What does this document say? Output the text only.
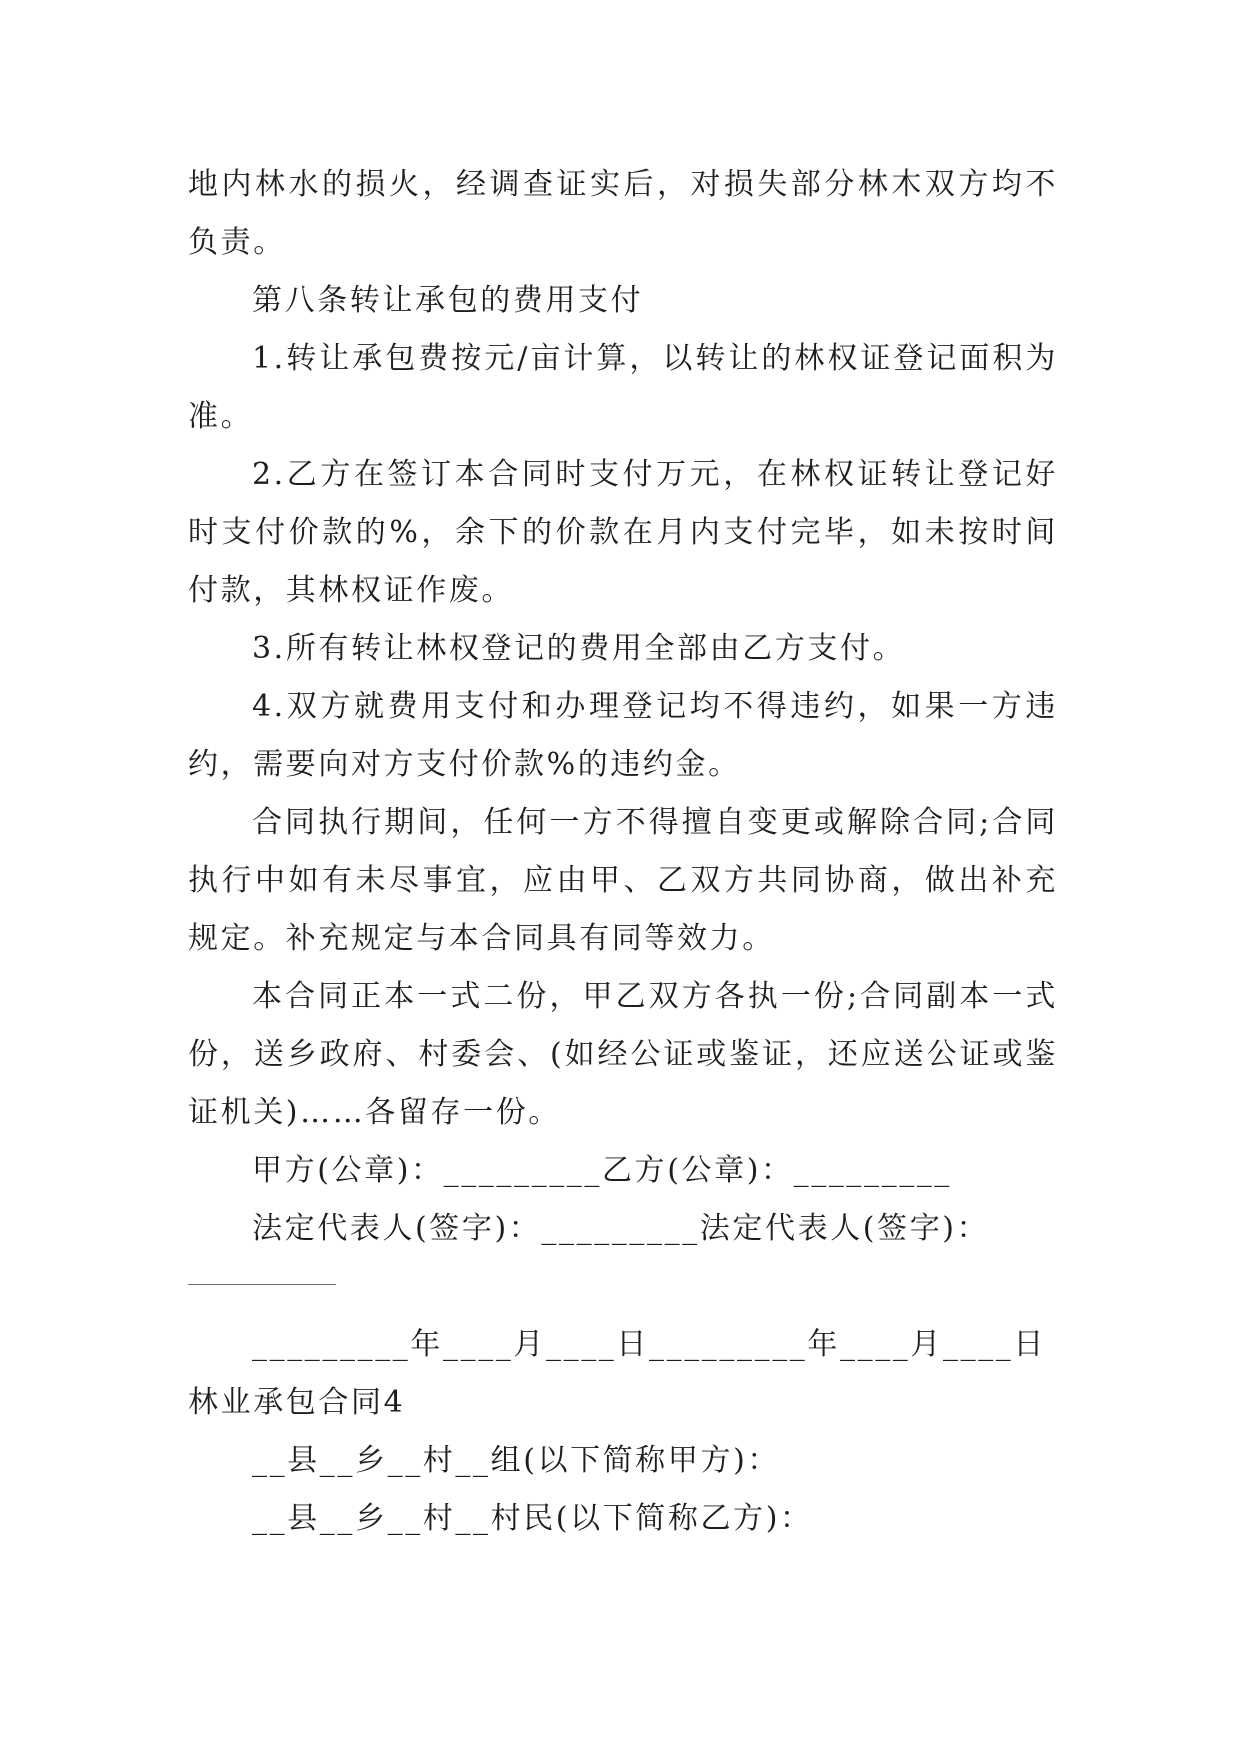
地内林水的损火，经调查证实后，对损失部分林木双方均不负责。

第八条转让承包的费用支付

1.转让承包费按元/亩计算，以转让的林权证登记面积为准。

2.乙方在签订本合同时支付万元，在林权证转让登记好时支付价款的%，余下的价款在月内支付完毕，如未按时间付款，其林权证作废。

3.所有转让林权登记的费用全部由乙方支付。

4.双方就费用支付和办理登记均不得违约，如果一方违约，需要向对方支付价款%的违约金。

合同执行期间，任何一方不得擅自变更或解除合同;合同执行中如有未尽事宜，应由甲、乙双方共同协商，做出补充规定。补充规定与本合同具有同等效力。

本合同正本一式二份，甲乙双方各执一份;合同副本一式份，送乡政府、村委会、(如经公证或鉴证，还应送公证或鉴证机关)……各留存一份。

甲方(公章)：_________乙方(公章)：_________

法定代表人(签字)：_________法定代表人(签字)：

_________年____月____日_________年____月____日

林业承包合同4

__县__乡__村__组(以下简称甲方)：

__县__乡__村__村民(以下简称乙方)：
